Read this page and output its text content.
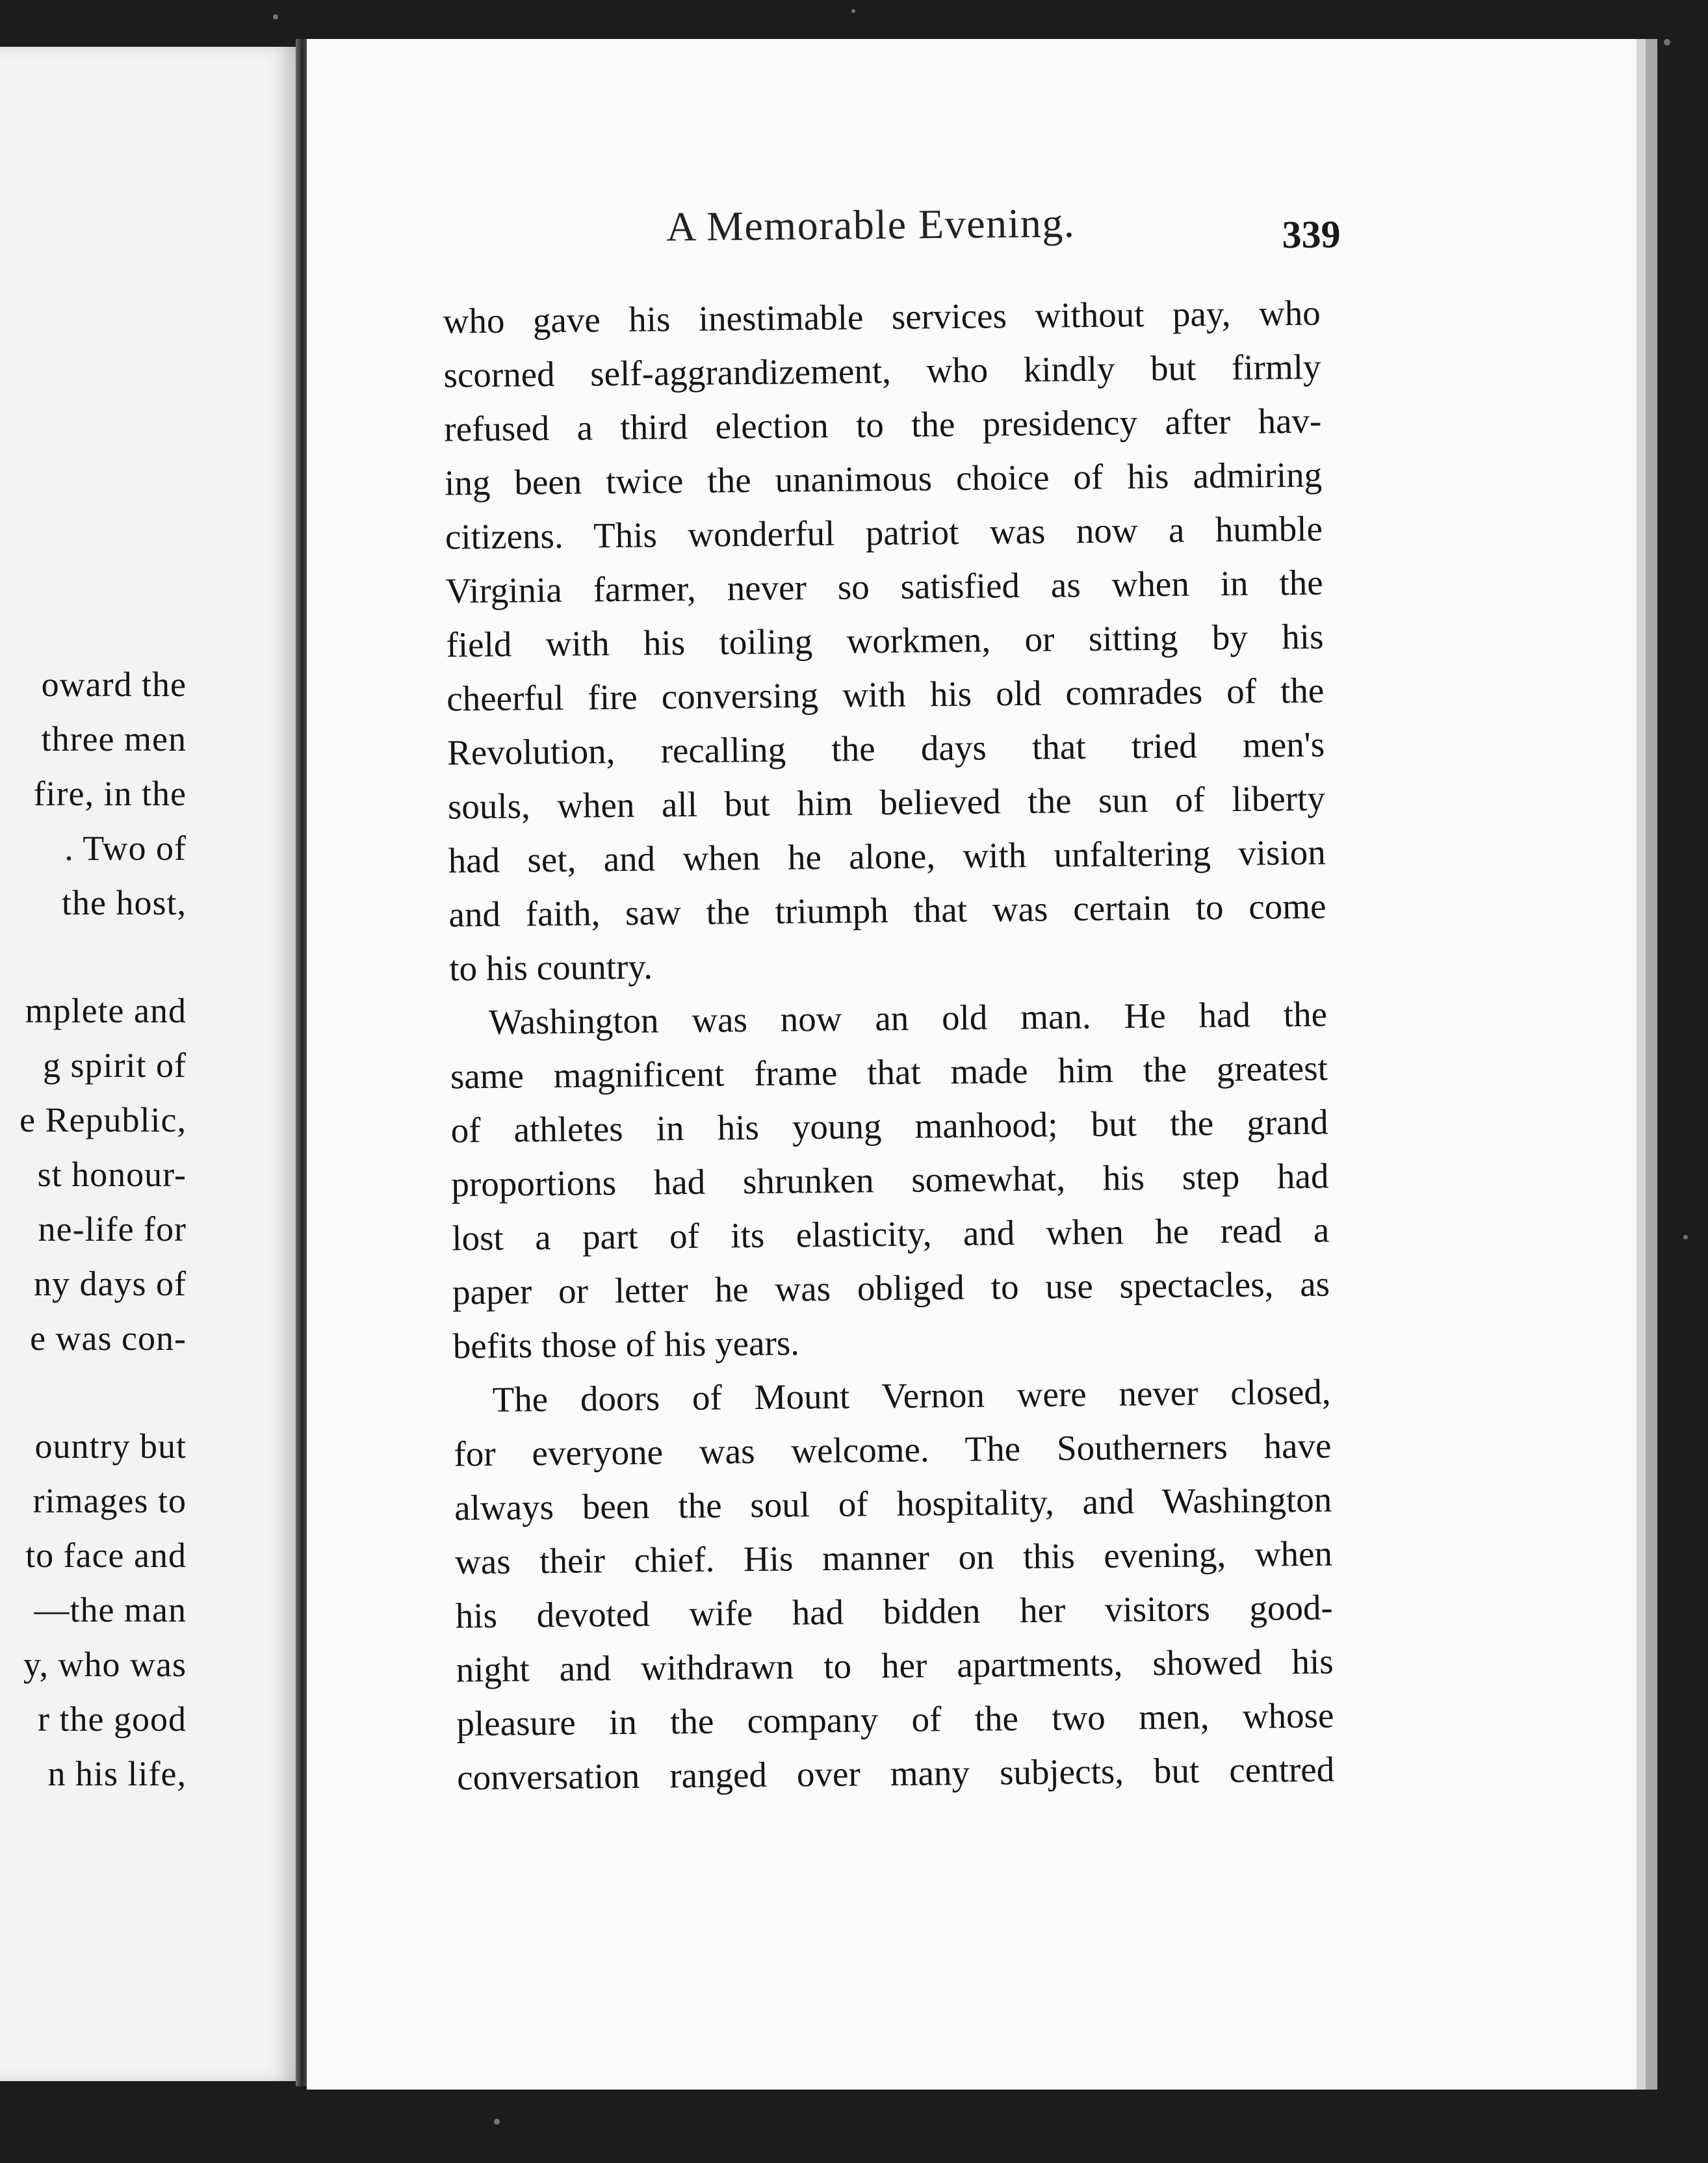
oward the
three men
fire, in the
. Two of
the host,
mplete and
g spirit of
e Republic,
st honour-
ne-life for
ny days of
e was con-
ountry but
rimages to
to face and
—the man
y, who was
r the good
n his life,
A Memorable Evening.	339
who gave his inestimable services without pay, who
scorned self-aggrandizement, who kindly but firmly
refused a third election to the presidency after hav-
ing been twice the unanimous choice of his admiring
citizens. This wonderful patriot was now a humble
Virginia farmer, never so satisfied as when in the
field with his toiling workmen, or sitting by his
cheerful fire conversing with his old comrades of the
Revolution, recalling the days that tried men's
souls, when all but him believed the sun of liberty
had set, and when he alone, with unfaltering vision
and faith, saw the triumph that was certain to come
to his country.
Washington was now an old man. He had the
same magnificent frame that made him the greatest
of athletes in his young manhood; but the grand
proportions had shrunken somewhat, his step had
lost a part of its elasticity, and when he read a
paper or letter he was obliged to use spectacles, as
befits those of his years.
The doors of Mount Vernon were never closed,
for everyone was welcome. The Southerners have
always been the soul of hospitality, and Washington
was their chief. His manner on this evening, when
his devoted wife had bidden her visitors good-
night and withdrawn to her apartments, showed his
pleasure in the company of the two men, whose
conversation ranged over many subjects, but centred
